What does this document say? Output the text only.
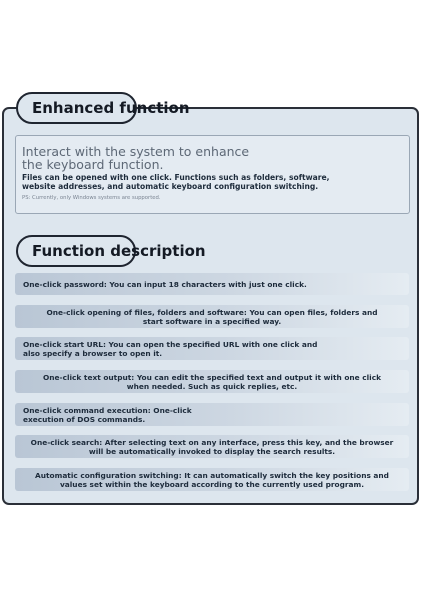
Enhanced function
Interact with the system to enhance the keyboard function.
Files can be opened with one click. Functions such as folders, software, website addresses, and automatic keyboard configuration switching.
PS: Currently, only Windows systems are supported.
Function description
One-click password: You can input 18 characters with just one click.
One-click opening of files, folders and software: You can open files, folders and start software in a specified way.
One-click start URL: You can open the specified URL with one click and also specify a browser to open it.
One-click text output: You can edit the specified text and output it with one click when needed. Such as quick replies, etc.
One-click command execution: One-click execution of DOS commands.
One-click search: After selecting text on any interface, press this key, and the browser will be automatically invoked to display the search results.
Automatic configuration switching: It can automatically switch the key positions and values set within the keyboard according to the currently used program.
